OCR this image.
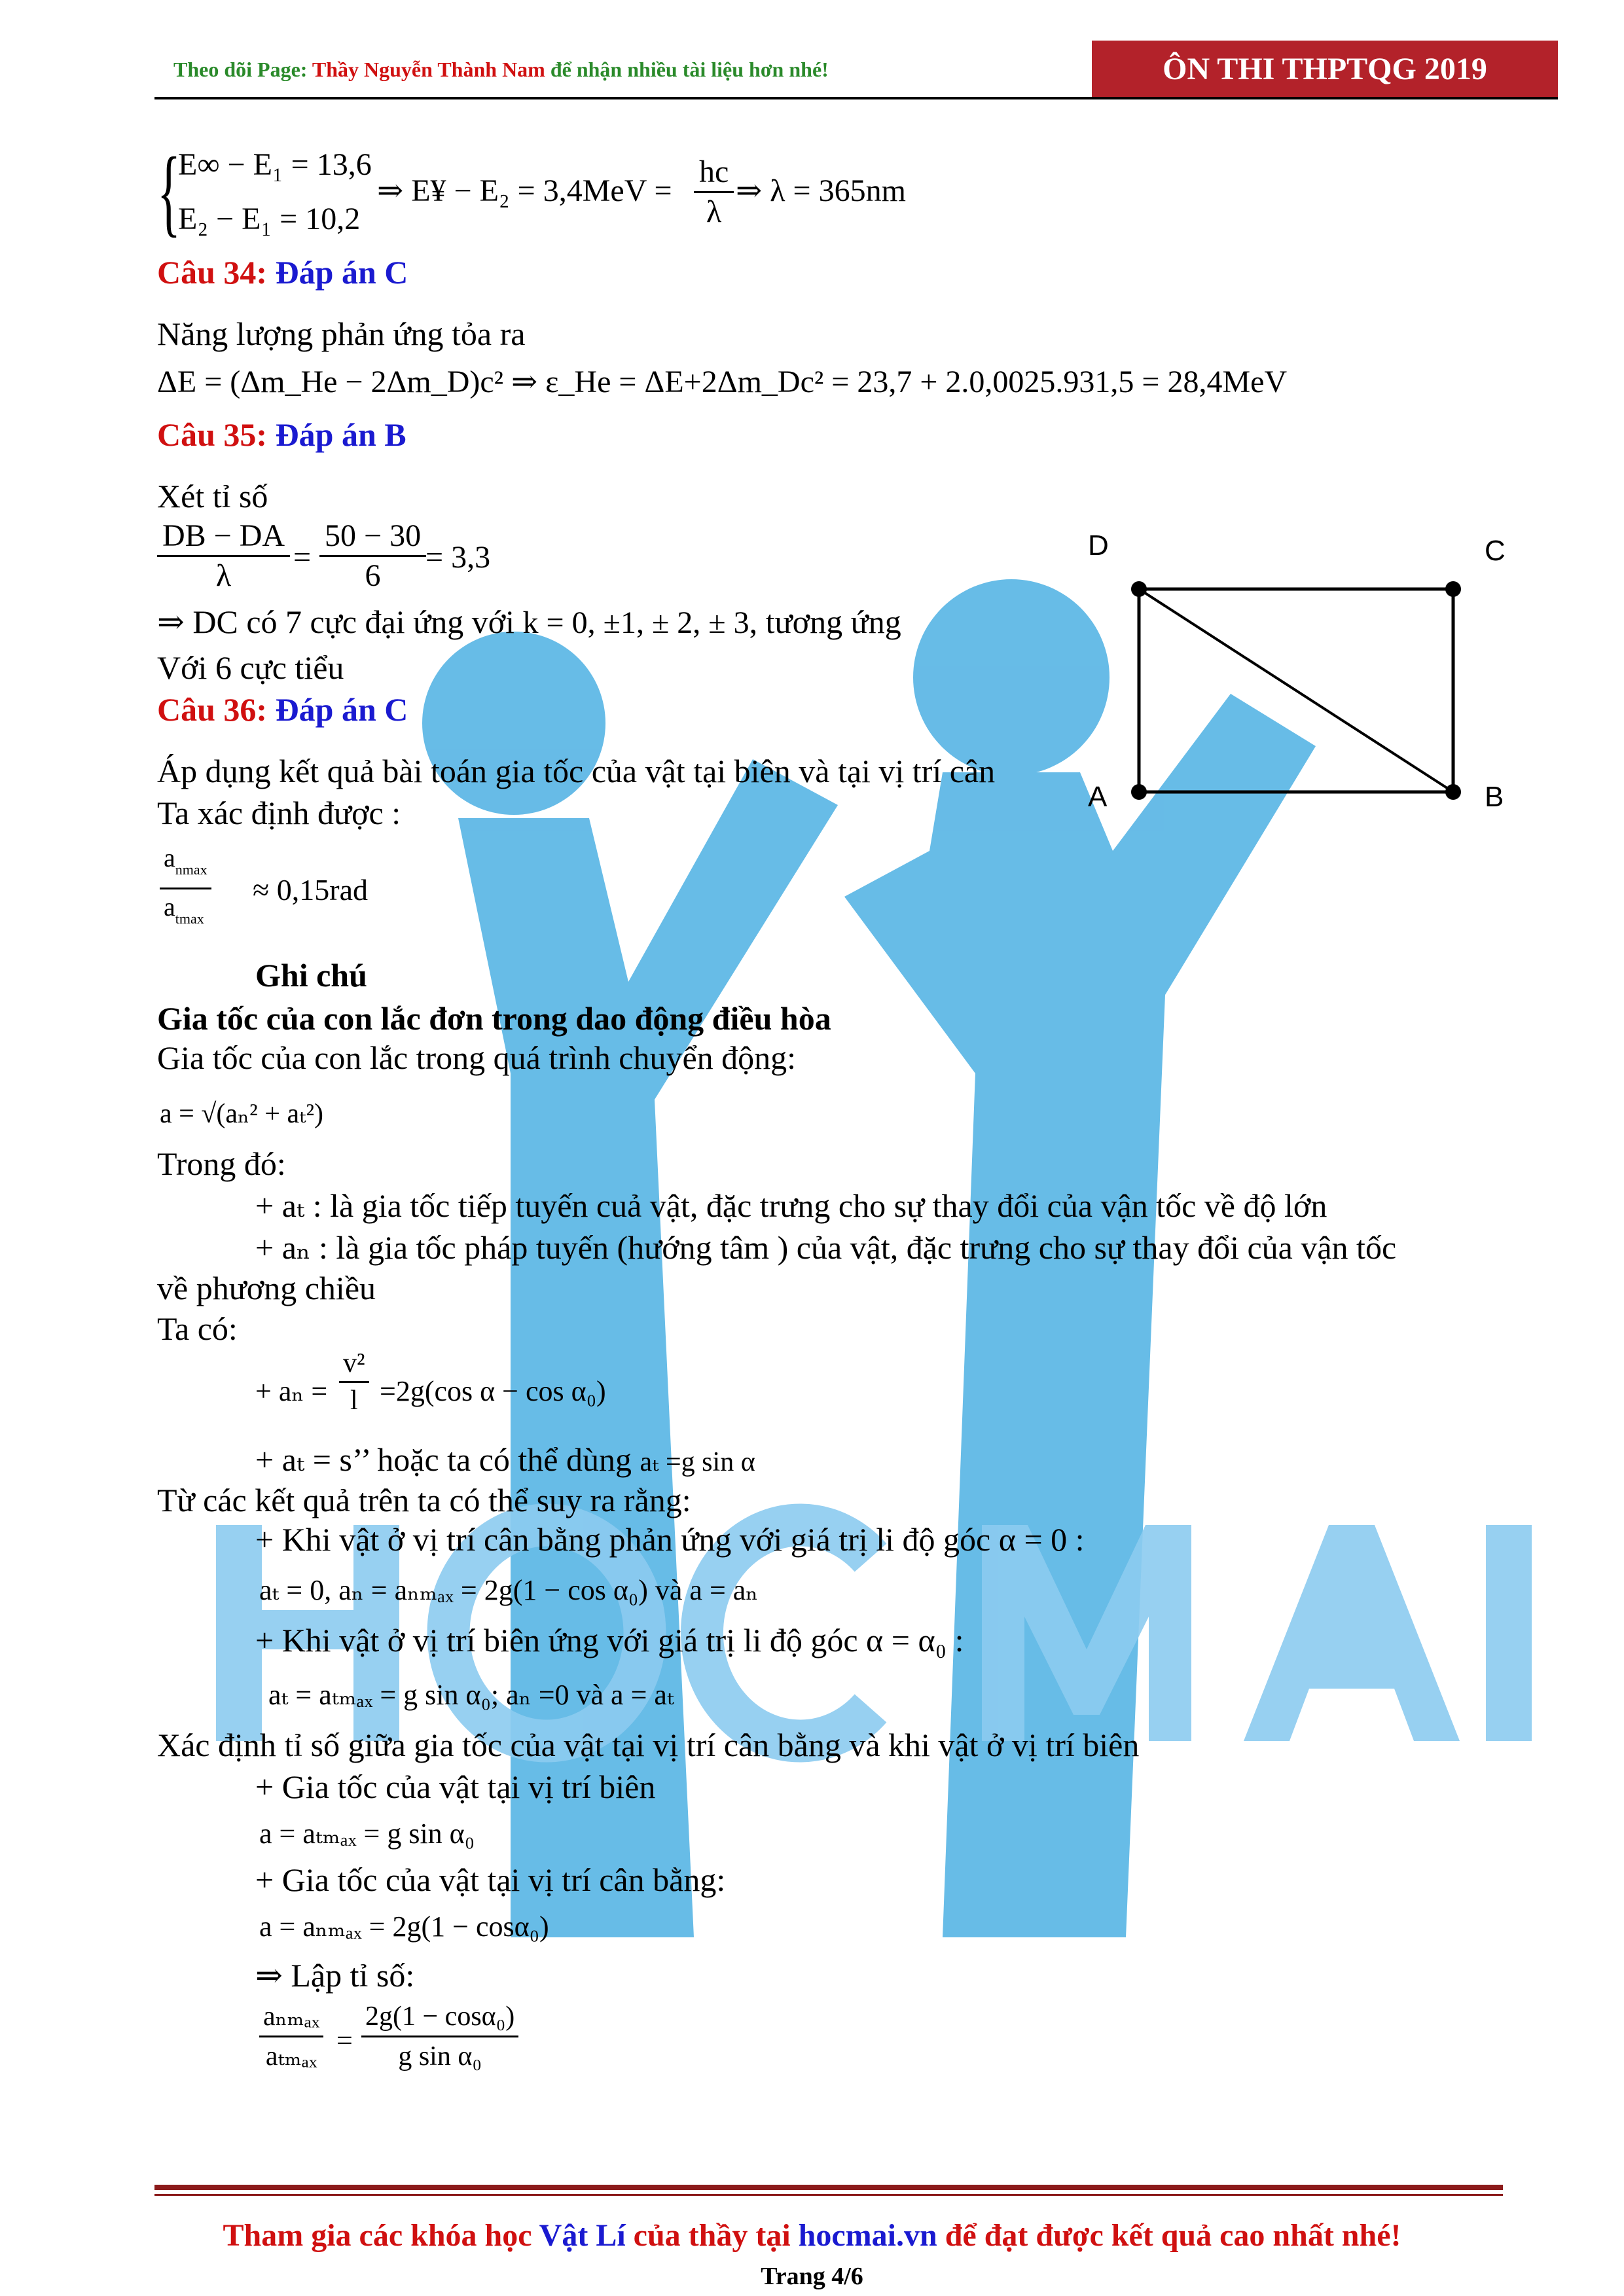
Theo dõi Page: Thầy Nguyễn Thành Nam để nhận nhiều tài liệu hơn nhé!	ÔN THI THPTQG 2019
{
E∞ − E₁ = 13,6
E₂ − E₁ = 10,2
⇒ E¥ − $E_2 = 3,4MeV = \frac{hc}{\lambda}$ ⇒ λ = 365nm
Câu 34: Đáp án C
Năng lượng phản ứng tỏa ra
ΔE = (Δm_He − 2Δm_D)c² ⇒ ε_He = ΔE+2Δm_Dc² = 23,7 + 2.0,0025.931,5 = 28,4MeV
Câu 35: Đáp án B
Xét tỉ số
$\frac{DB - DA}{\lambda} = \frac{50 - 30}{6}$
= 3,3
⇒ DC có 7 cực đại ứng với k = 0, ±1, ± 2, ± 3, tương ứng
Với 6 cực tiểu
D	C
A	B
Câu 36: Đáp án C
Áp dụng kết quả bài toán gia tốc của vật tại biên và tại vị trí cân
Ta xác định được :
$a_{nmax}$
$a_{tmax}$
≈ 0,15rad
Ghi chú
Gia tốc của con lắc đơn trong dao động điều hòa
Gia tốc của con lắc trong quá trình chuyển động:
a = √(aₙ² + aₜ²)
Trong đó:
+ aₜ : là gia tốc tiếp tuyến cuả vật, đặc trưng cho sự thay đổi của vận tốc về độ lớn
+ aₙ : là gia tốc pháp tuyến (hướng tâm ) của vật, đặc trưng cho sự thay đổi của vận tốc
về phương chiều
Ta có:
+ $a_n = \frac{\text{v²}}{l} =2g(\cos$ α − cos α₀)
+ aₜ = s’’ hoặc ta có thể dùng aₜ =g sin α
Từ các kết quả trên ta có thể suy ra rằng:
+ Khi vật ở vị trí cân bằng phản ứng với giá trị li độ góc α = 0 :
aₜ = 0, aₙ = aₙₘₐₓ = 2g(1 − cos α₀) và a = aₙ
+ Khi vật ở vị trí biên ứng với giá trị li độ góc α = α₀ :
aₜ = aₜₘₐₓ = g sin α₀; aₙ =0 và a = aₜ
Xác định tỉ số giữa gia tốc của vật tại vị trí cân bằng và khi vật ở vị trí biên
+ Gia tốc của vật tại vị trí biên
a = aₜₘₐₓ = g sin α₀
+ Gia tốc của vật tại vị trí cân bằng:
a = aₙₘₐₓ = 2g(1 − cosα₀)
⇒ Lập tỉ số:
aₙₘₐₓ
$a_{tmax} = \frac{\text{2g(1 − cosα₀)}}{\text{g sin α₀}}$
Tham gia các khóa học Vật Lí của thầy tại hocmai.vn để đạt được kết quả cao nhất nhé!
Trang 4/6
